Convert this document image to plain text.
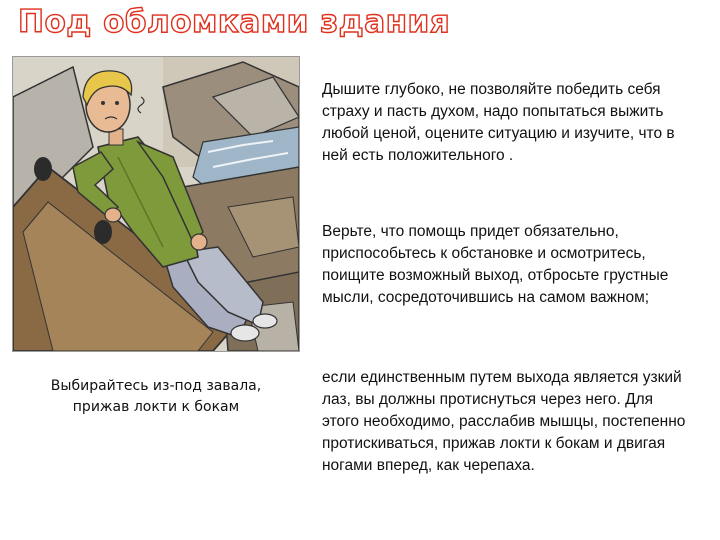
Под обломками здания
Выбирайтесь из-под завала, прижав локти к бокам

Дышите глубоко, не позволяйте победить себя страху и пасть духом, надо попытаться выжить любой ценой, оцените ситуацию и изучите, что в ней есть положительного .

Верьте, что помощь придет обязательно, приспособьтесь к обстановке и осмотритесь, поищите возможный выход, отбросьте грустные мысли, сосредоточившись на самом важном;

если единственным путем выхода является узкий лаз, вы должны протиснуться через него. Для этого необходимо, расслабив мышцы, постепенно протискиваться, прижав локти к бокам и двигая ногами вперед, как черепаха.
